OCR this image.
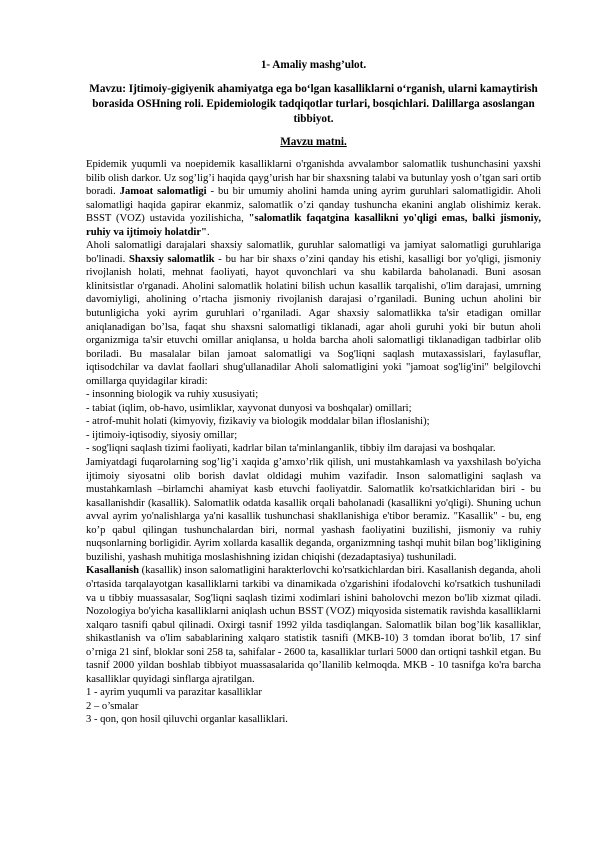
1- Amaliy mashg’ulot.
Mavzu: Ijtimoiy-gigiyenik ahamiyatga ega bo‘lgan kasalliklarni o‘rganish, ularni kamaytirish borasida OSHning roli. Epidemiologik tadqiqotlar turlari, bosqichlari. Dalillarga asoslangan tibbiyot.
Mavzu matni.

Epidemik yuqumli va noepidemik kasalliklarni o'rganishda avvalambor salomatlik tushunchasini yaxshi bilib olish darkor. Uz sog’lig’i haqida qayg’urish har bir shaxsning talabi va butunlay yosh o’tgan sari ortib boradi. Jamoat salomatligi - bu bir umumiy aholini hamda uning ayrim guruhlari salomatligidir. Aholi salomatligi haqida gapirar ekanmiz, salomatlik o’zi qanday tushuncha ekanini anglab olishimiz kerak. BSST (VOZ) ustavida yozilishicha, "salomatlik faqatgina kasallikni yo'qligi emas, balki jismoniy, ruhiy va ijtimoiy holatdir".

Aholi salomatligi darajalari shaxsiy salomatlik, guruhlar salomatligi va jamiyat salomatligi guruhlariga bo'linadi. Shaxsiy salomatlik - bu har bir shaxs o’zini qanday his etishi, kasalligi bor yo'qligi, jismoniy rivojlanish holati, mehnat faoliyati, hayot quvonchlari va shu kabilarda baholanadi. Buni asosan klinitsistlar o'rganadi. Aholini salomatlik holatini bilish uchun kasallik tarqalishi, o'lim darajasi, umrning davomiyligi, aholining o’rtacha jismoniy rivojlanish darajasi o’rganiladi. Buning uchun aholini bir butunligicha yoki ayrim guruhlari o’rganiladi. Agar shaxsiy salomatlikka ta'sir etadigan omillar aniqlanadigan bo’lsa, faqat shu shaxsni salomatligi tiklanadi, agar aholi guruhi yoki bir butun aholi organizmiga ta'sir etuvchi omillar aniqlansa, u holda barcha aholi salomatligi tiklanadigan tadbirlar olib boriladi. Bu masalalar bilan jamoat salomatligi va Sog'liqni saqlash mutaxassislari, faylasuflar, iqtisodchilar va davlat faollari shug'ullanadilar Aholi salomatligini yoki "jamoat sog'lig'ini" belgilovchi omillarga quyidagilar kiradi:

- insonning biologik va ruhiy xususiyati;
- tabiat (iqlim, ob-havo, usimliklar, xayvonat dunyosi va boshqalar) omillari;
- atrof-muhit holati (kimyoviy, fizikaviy va biologik moddalar bilan ifloslanishi);
- ijtimoiy-iqtisodiy, siyosiy omillar;
- sog'liqni saqlash tizimi faoliyati, kadrlar bilan ta'minlanganlik, tibbiy ilm darajasi va boshqalar.

Jamiyatdagi fuqarolarning sog’lig’i xaqida g’amxo’rlik qilish, uni mustahkamlash va yaxshilash bo'yicha ijtimoiy siyosatni olib borish davlat oldidagi muhim vazifadir. Inson salomatligini saqlash va mustahkamlash –birlamchi ahamiyat kasb etuvchi faoliyatdir. Salomatlik ko'rsatkichlaridan biri - bu kasallanishdir (kasallik). Salomatlik odatda kasallik orqali baholanadi (kasallikni yo'qligi). Shuning uchun avval ayrim yo'nalishlarga ya'ni kasallik tushunchasi shakllanishiga e'tibor beramiz. "Kasallik" - bu, eng ko’p qabul qilingan tushunchalardan biri, normal yashash faoliyatini buzilishi, jismoniy va ruhiy nuqsonlarning borligidir. Ayrim xollarda kasallik deganda, organizmning tashqi muhit bilan bog’likligining buzilishi, yashash muhitiga moslashishning izidan chiqishi (dezadaptasiya) tushuniladi.

Kasallanish (kasallik) inson salomatligini harakterlovchi ko'rsatkichlardan biri. Kasallanish deganda, aholi o'rtasida tarqalayotgan kasalliklarni tarkibi va dinamikada o'zgarishini ifodalovchi ko'rsatkich tushuniladi va u tibbiy muassasalar, Sog'liqni saqlash tizimi xodimlari ishini baholovchi mezon bo'lib xizmat qiladi. Nozologiya bo'yicha kasalliklarni aniqlash uchun BSST (VOZ) miqyosida sistematik ravishda kasalliklarni xalqaro tasnifi qabul qilinadi. Oxirgi tasnif 1992 yilda tasdiqlangan. Salomatlik bilan bog’lik kasalliklar, shikastlanish va o'lim sabablarining xalqaro statistik tasnifi (MKB-10) 3 tomdan iborat bo'lib, 17 sinf o’rniga 21 sinf, bloklar soni 258 ta, sahifalar - 2600 ta, kasalliklar turlari 5000 dan ortiqni tashkil etgan. Bu tasnif 2000 yildan boshlab tibbiyot muassasalarida qo’llanilib kelmoqda. MKB - 10 tasnifga ko'ra barcha kasalliklar quyidagi sinflarga ajratilgan.

1 - ayrim yuqumli va parazitar kasalliklar
2 – o’smalar
3 - qon, qon hosil qiluvchi organlar kasalliklari.
